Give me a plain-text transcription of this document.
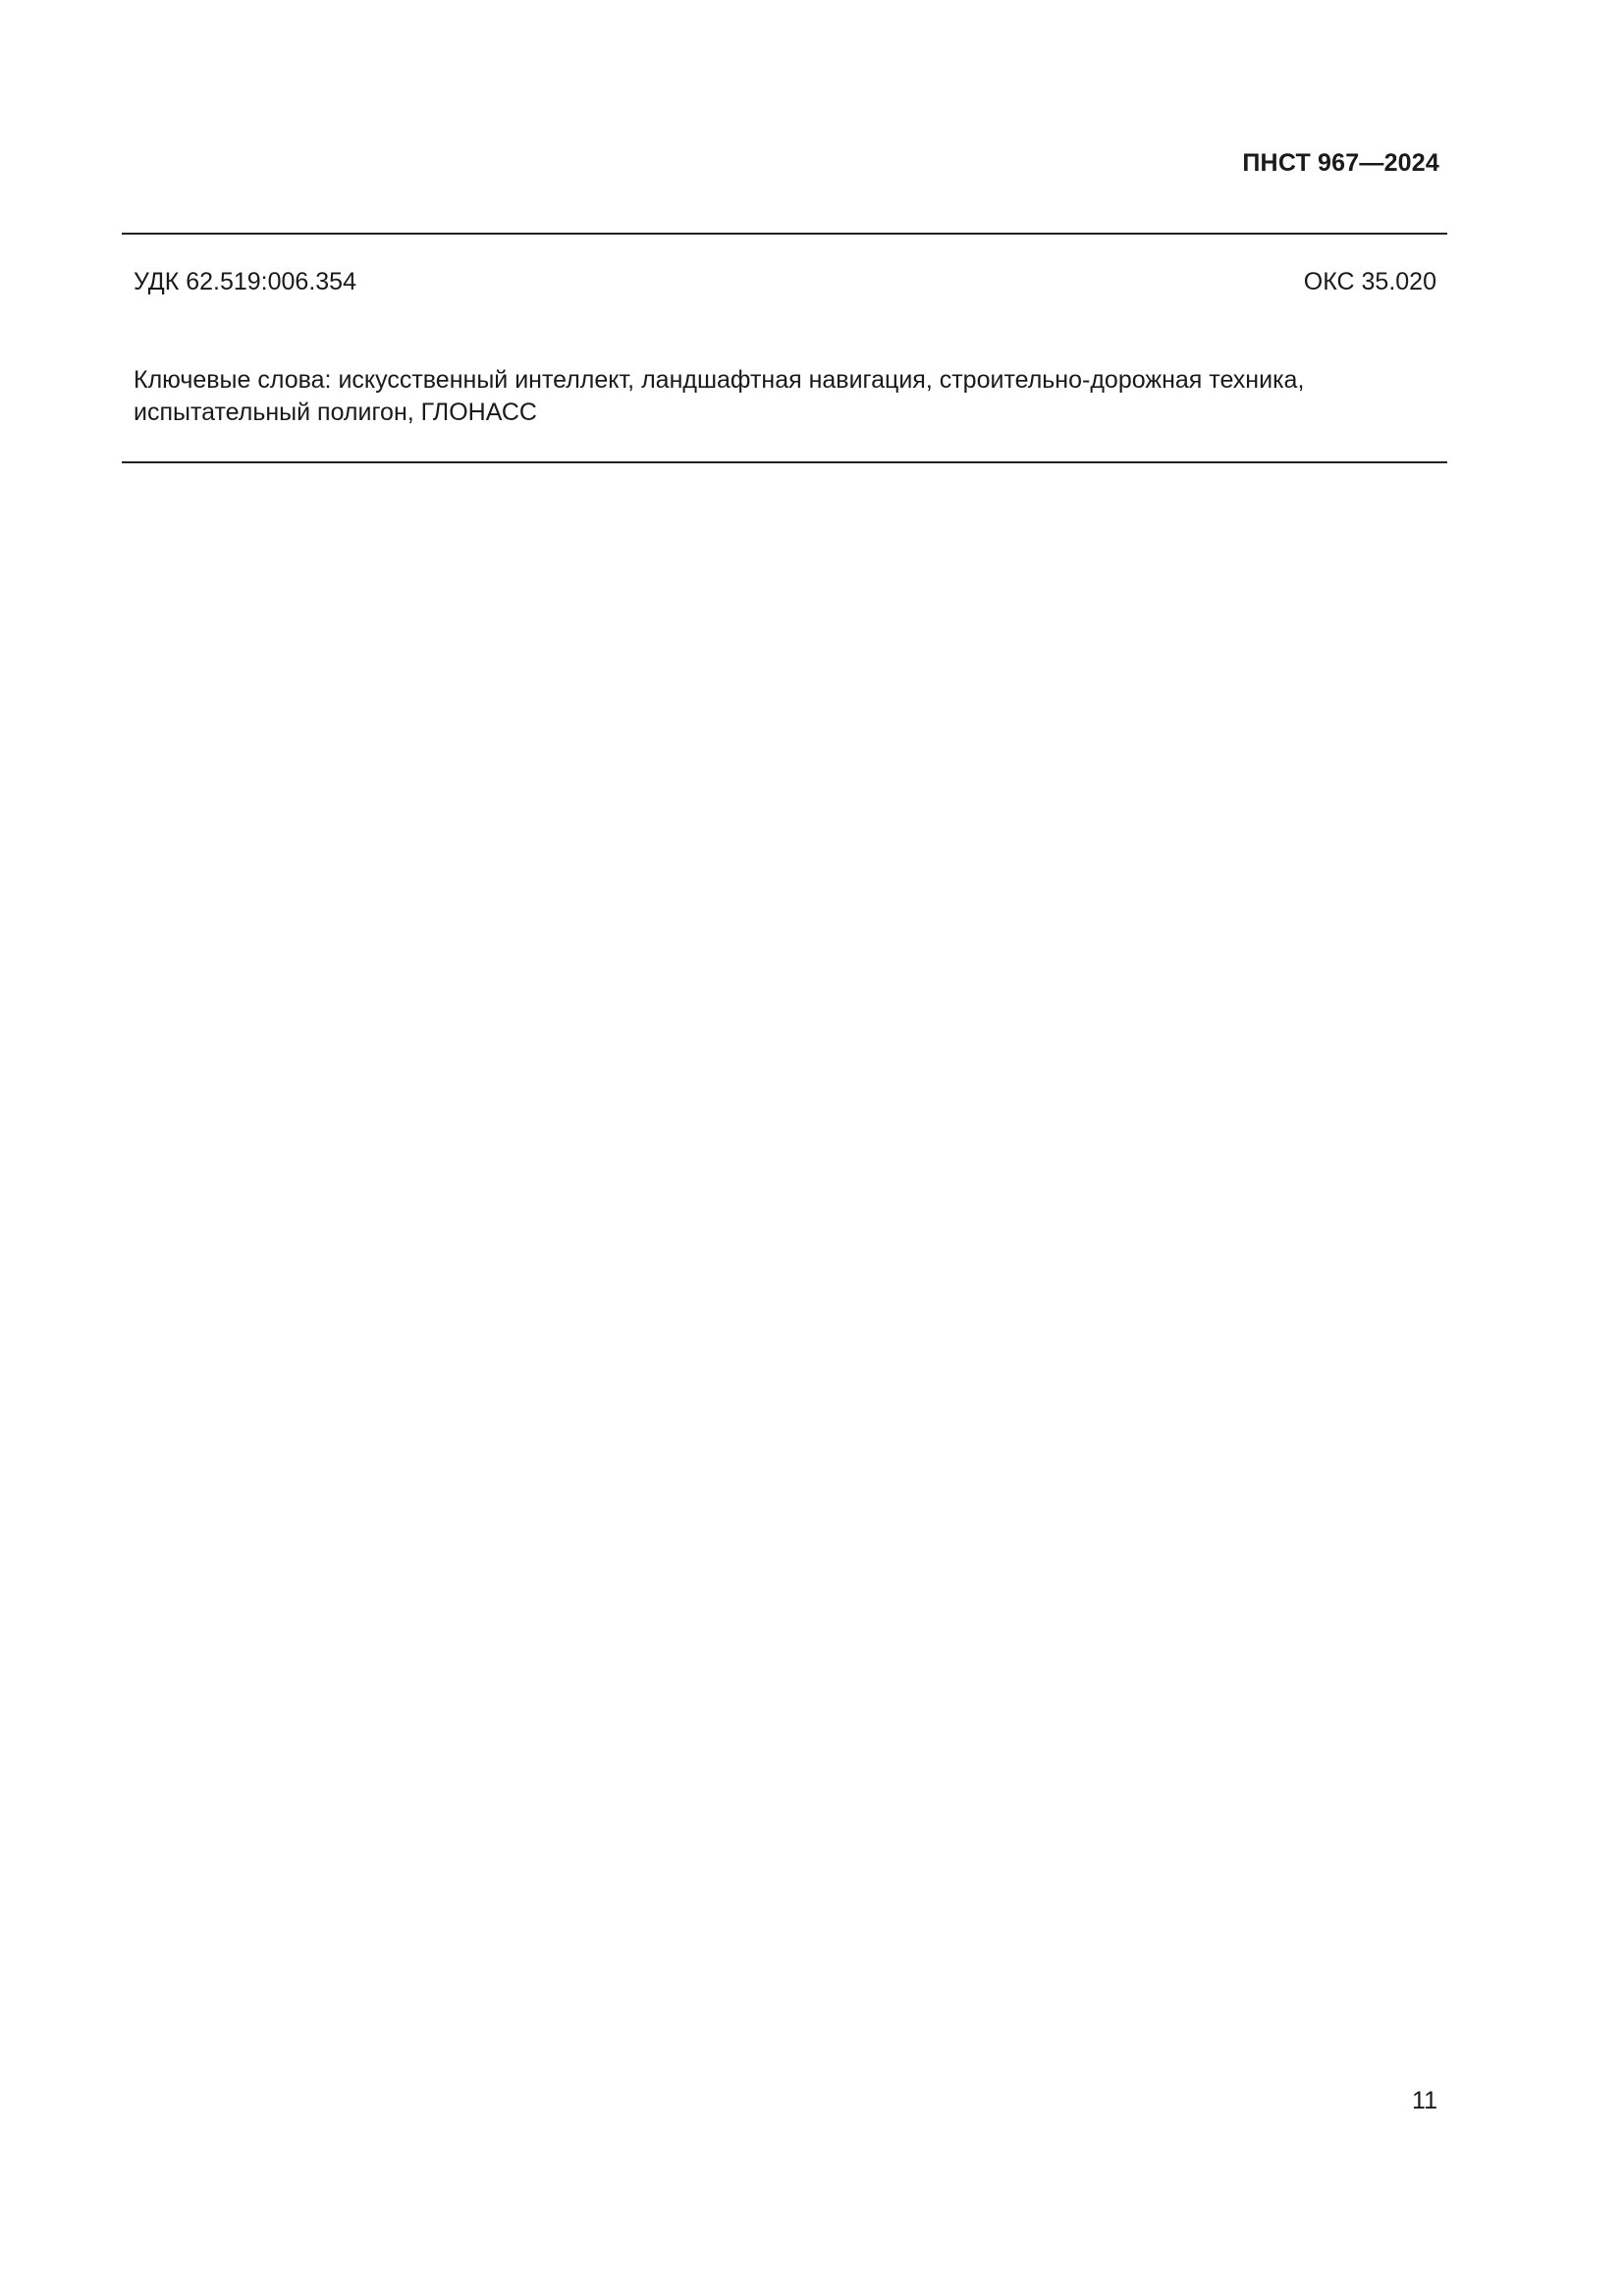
ПНСТ 967—2024
УДК 62.519:006.354	ОКС 35.020
Ключевые слова: искусственный интеллект, ландшафтная навигация, строительно-дорожная техника,
испытательный полигон, ГЛОНАСС
11
